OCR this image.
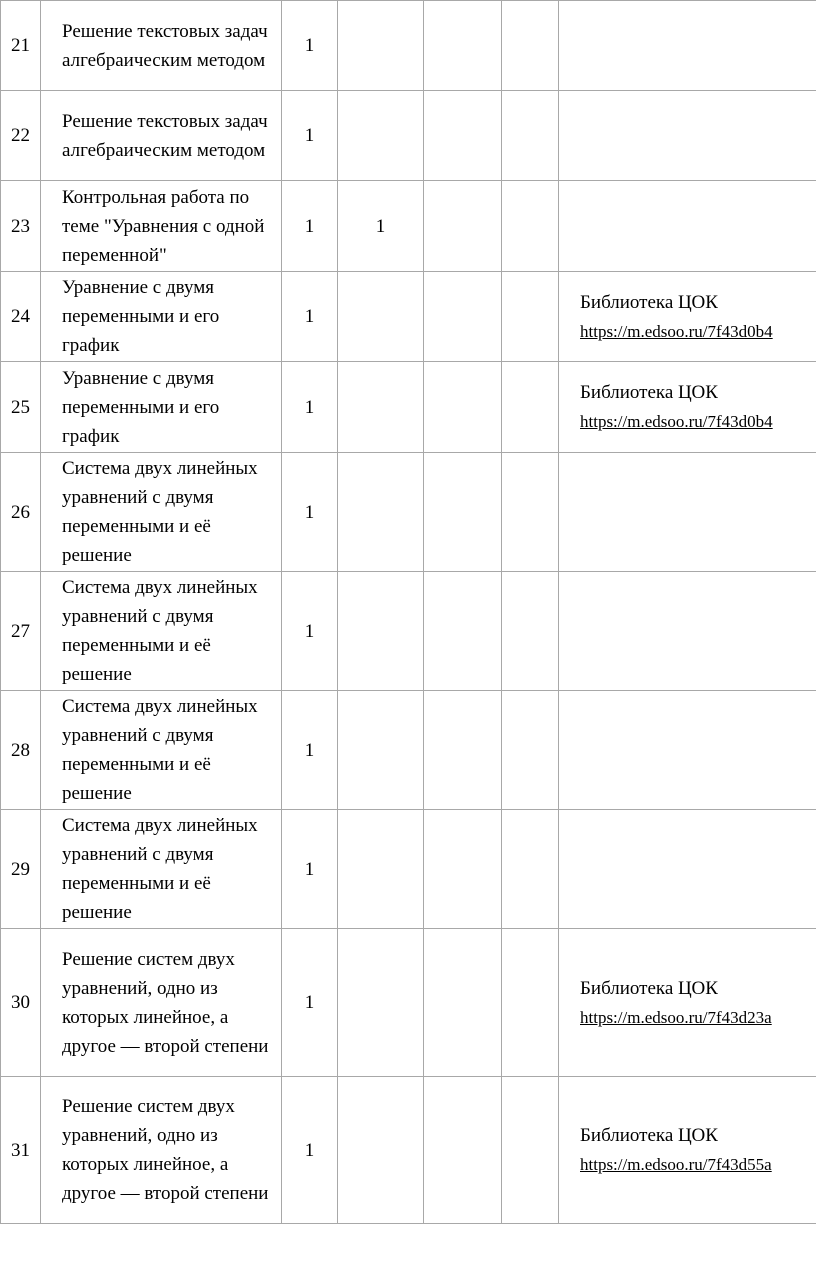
21	Решение текстовых задач алгебраическим методом	1				
22	Решение текстовых задач алгебраическим методом	1				
23	Контрольная работа по теме "Уравнения с одной переменной"	1	1			
24	Уравнение с двумя переменными и его график	1				Библиотека ЦОК
https://m.edsoo.ru/7f43d0b4

25	Уравнение с двумя переменными и его график	1				Библиотека ЦОК
https://m.edsoo.ru/7f43d0b4

26	Система двух линейных уравнений с двумя переменными и её решение	1				
27	Система двух линейных уравнений с двумя переменными и её решение	1				
28	Система двух линейных уравнений с двумя переменными и её решение	1				
29	Система двух линейных уравнений с двумя переменными и её решение	1				
30	Решение систем двух уравнений, одно из которых линейное, а другое — второй степени	1				Библиотека ЦОК
https://m.edsoo.ru/7f43d23a

31	Решение систем двух уравнений, одно из которых линейное, а другое — второй степени	1				Библиотека ЦОК
https://m.edsoo.ru/7f43d55a
